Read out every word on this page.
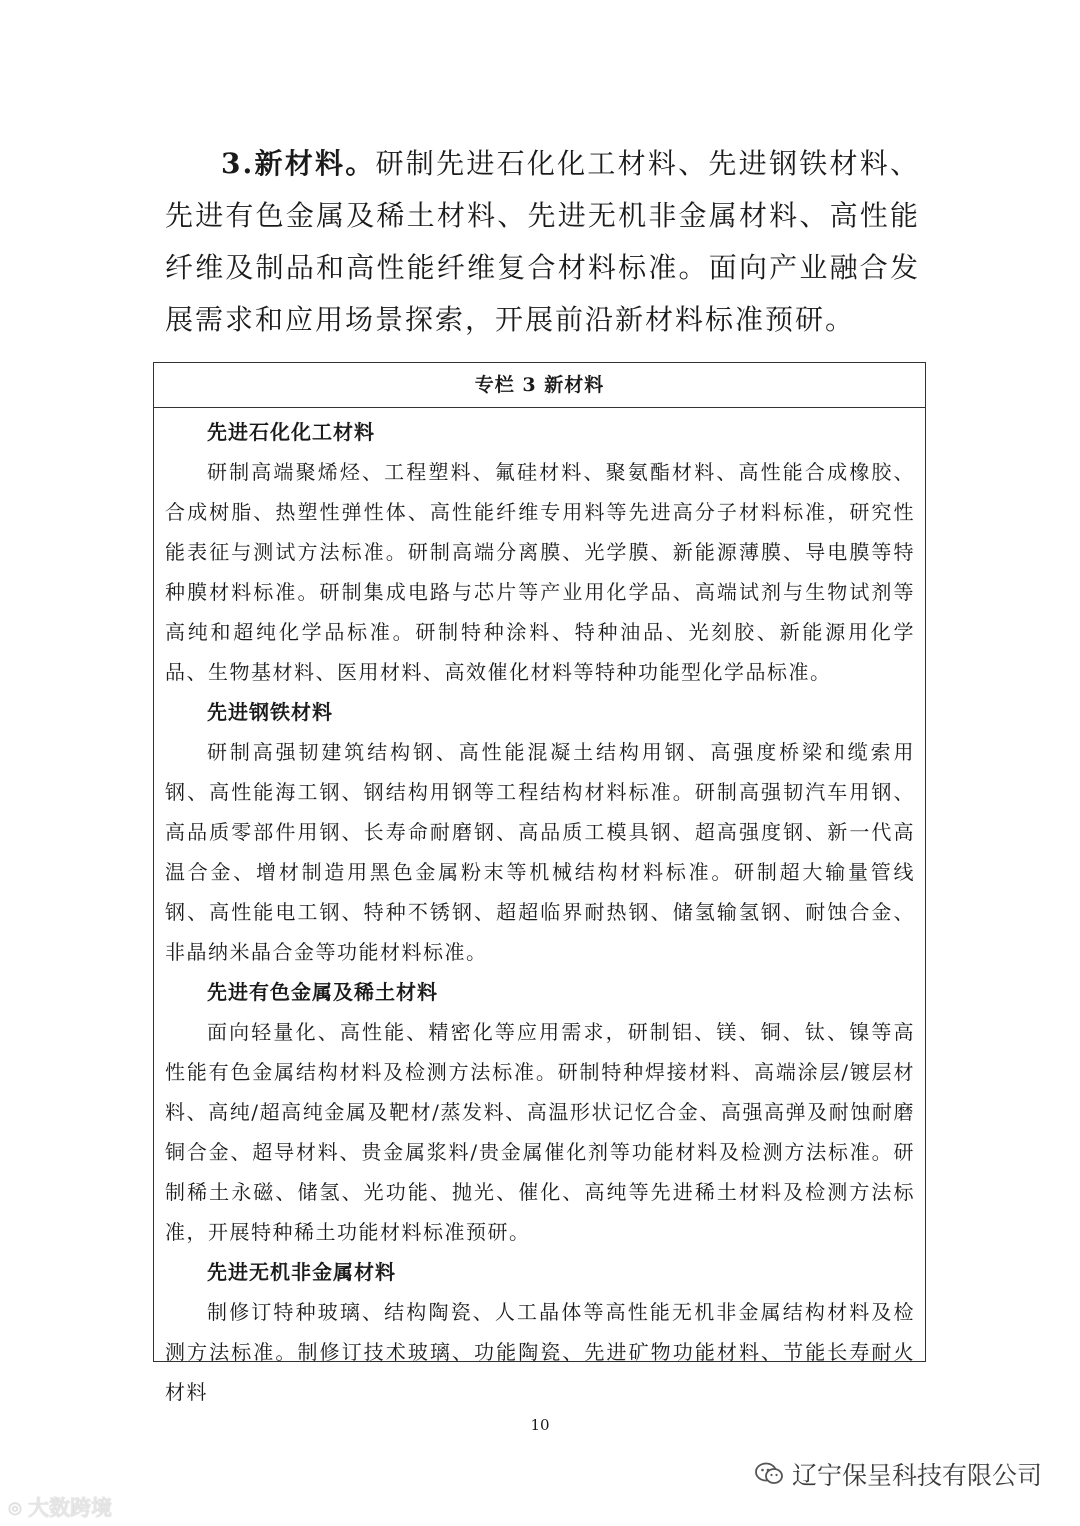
3.新材料。研制先进石化化工材料、先进钢铁材料、先进有色金属及稀土材料、先进无机非金属材料、高性能纤维及制品和高性能纤维复合材料标准。面向产业融合发展需求和应用场景探索，开展前沿新材料标准预研。

专栏 3 新材料

先进石化化工材料

研制高端聚烯烃、工程塑料、氟硅材料、聚氨酯材料、高性能合成橡胶、合成树脂、热塑性弹性体、高性能纤维专用料等先进高分子材料标准，研究性能表征与测试方法标准。研制高端分离膜、光学膜、新能源薄膜、导电膜等特种膜材料标准。研制集成电路与芯片等产业用化学品、高端试剂与生物试剂等高纯和超纯化学品标准。研制特种涂料、特种油品、光刻胶、新能源用化学品、生物基材料、医用材料、高效催化材料等特种功能型化学品标准。

先进钢铁材料

研制高强韧建筑结构钢、高性能混凝土结构用钢、高强度桥梁和缆索用钢、高性能海工钢、钢结构用钢等工程结构材料标准。研制高强韧汽车用钢、高品质零部件用钢、长寿命耐磨钢、高品质工模具钢、超高强度钢、新一代高温合金、增材制造用黑色金属粉末等机械结构材料标准。研制超大输量管线钢、高性能电工钢、特种不锈钢、超超临界耐热钢、储氢输氢钢、耐蚀合金、非晶纳米晶合金等功能材料标准。

先进有色金属及稀土材料

面向轻量化、高性能、精密化等应用需求，研制铝、镁、铜、钛、镍等高性能有色金属结构材料及检测方法标准。研制特种焊接材料、高端涂层/镀层材料、高纯/超高纯金属及靶材/蒸发料、高温形状记忆合金、高强高弹及耐蚀耐磨铜合金、超导材料、贵金属浆料/贵金属催化剂等功能材料及检测方法标准。研制稀土永磁、储氢、光功能、抛光、催化、高纯等先进稀土材料及检测方法标准，开展特种稀土功能材料标准预研。

先进无机非金属材料

制修订特种玻璃、结构陶瓷、人工晶体等高性能无机非金属结构材料及检测方法标准。制修订技术玻璃、功能陶瓷、先进矿物功能材料、节能长寿耐火材料

10
辽宁保呈科技有限公司
◎ 大数跨境
